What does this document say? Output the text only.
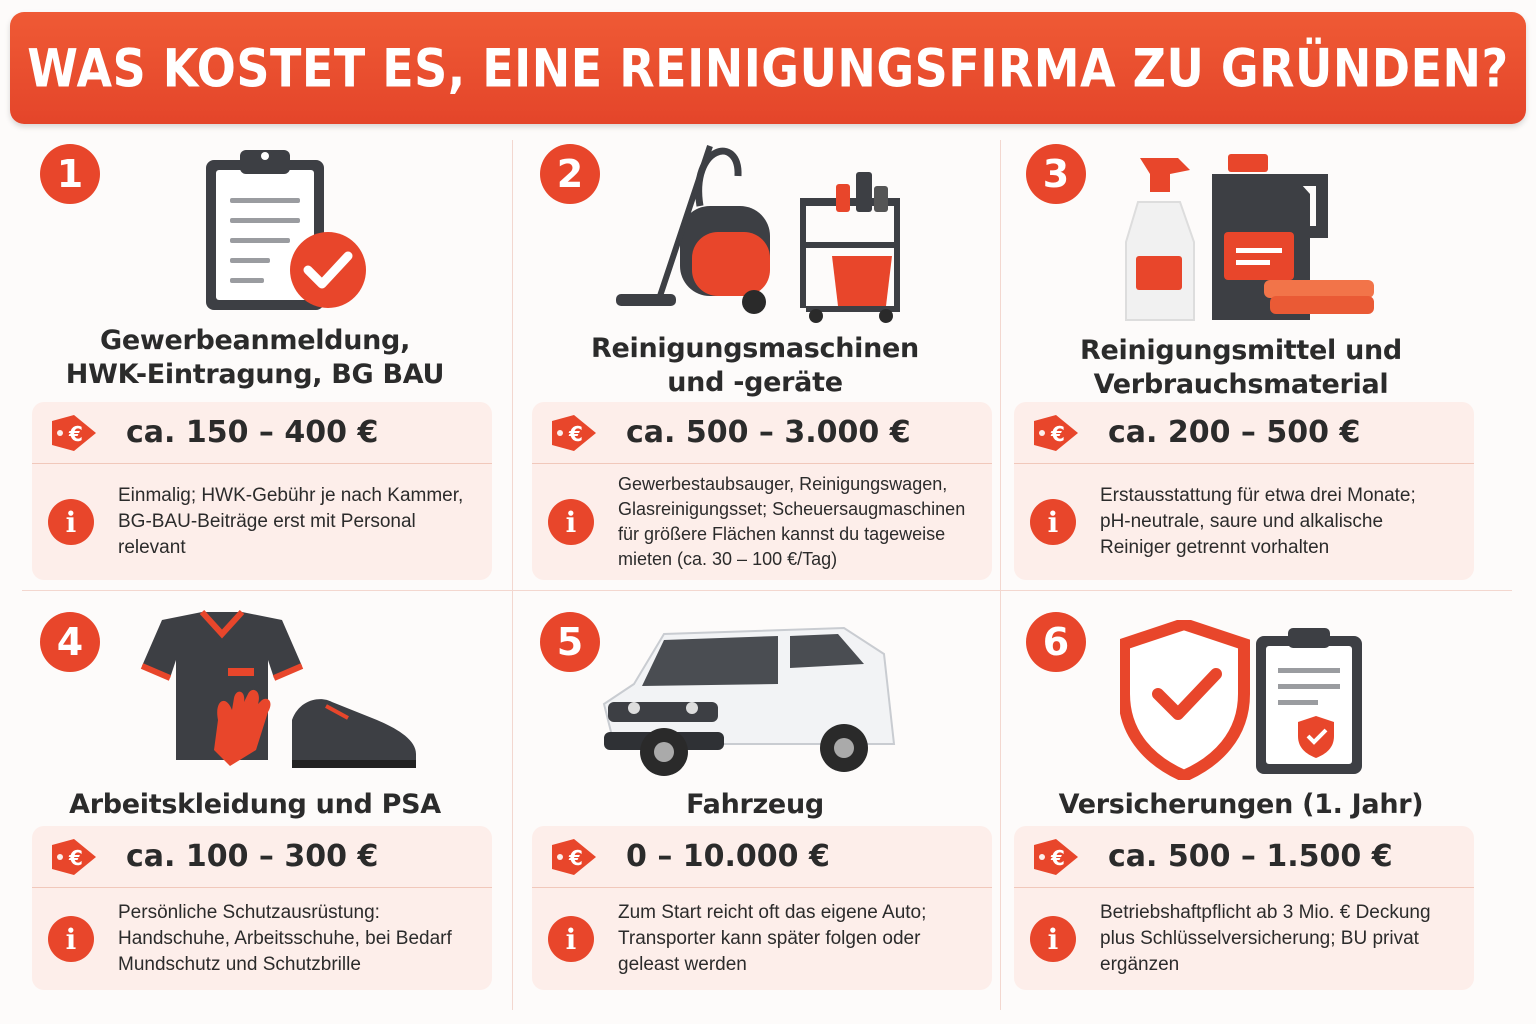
WAS KOSTET ES, EINE REINIGUNGSFIRMA ZU GRÜNDEN?
1
Gewerbeanmeldung,
HWK-Eintragung, BG BAU
€ ca. 150 – 400 €
i
Einmalig; HWK-Gebühr je nach Kammer,
BG-BAU-Beiträge erst mit Personal relevant
2
Reinigungsmaschinen
und -geräte
€ ca. 500 – 3.000 €
i
Gewerbestaubsauger, Reinigungswagen,
Glasreinigungsset; Scheuersaugmaschinen
für größere Flächen kannst du tageweise
mieten (ca. 30 – 100 €/Tag)
3
Reinigungsmittel und
Verbrauchsmaterial
€ ca. 200 – 500 €
i
Erstausstattung für etwa drei Monate;
pH-neutrale, saure und alkalische
Reiniger getrennt vorhalten
4
Arbeitskleidung und PSA
€ ca. 100 – 300 €
i
Persönliche Schutzausrüstung:
Handschuhe, Arbeitsschuhe, bei Bedarf
Mundschutz und Schutzbrille
5
Fahrzeug
€ 0 – 10.000 €
i
Zum Start reicht oft das eigene Auto;
Transporter kann später folgen oder
geleast werden
6
Versicherungen (1. Jahr)
€ ca. 500 – 1.500 €
i
Betriebshaftpflicht ab 3 Mio. € Deckung
plus Schlüsselversicherung; BU privat
ergänzen
